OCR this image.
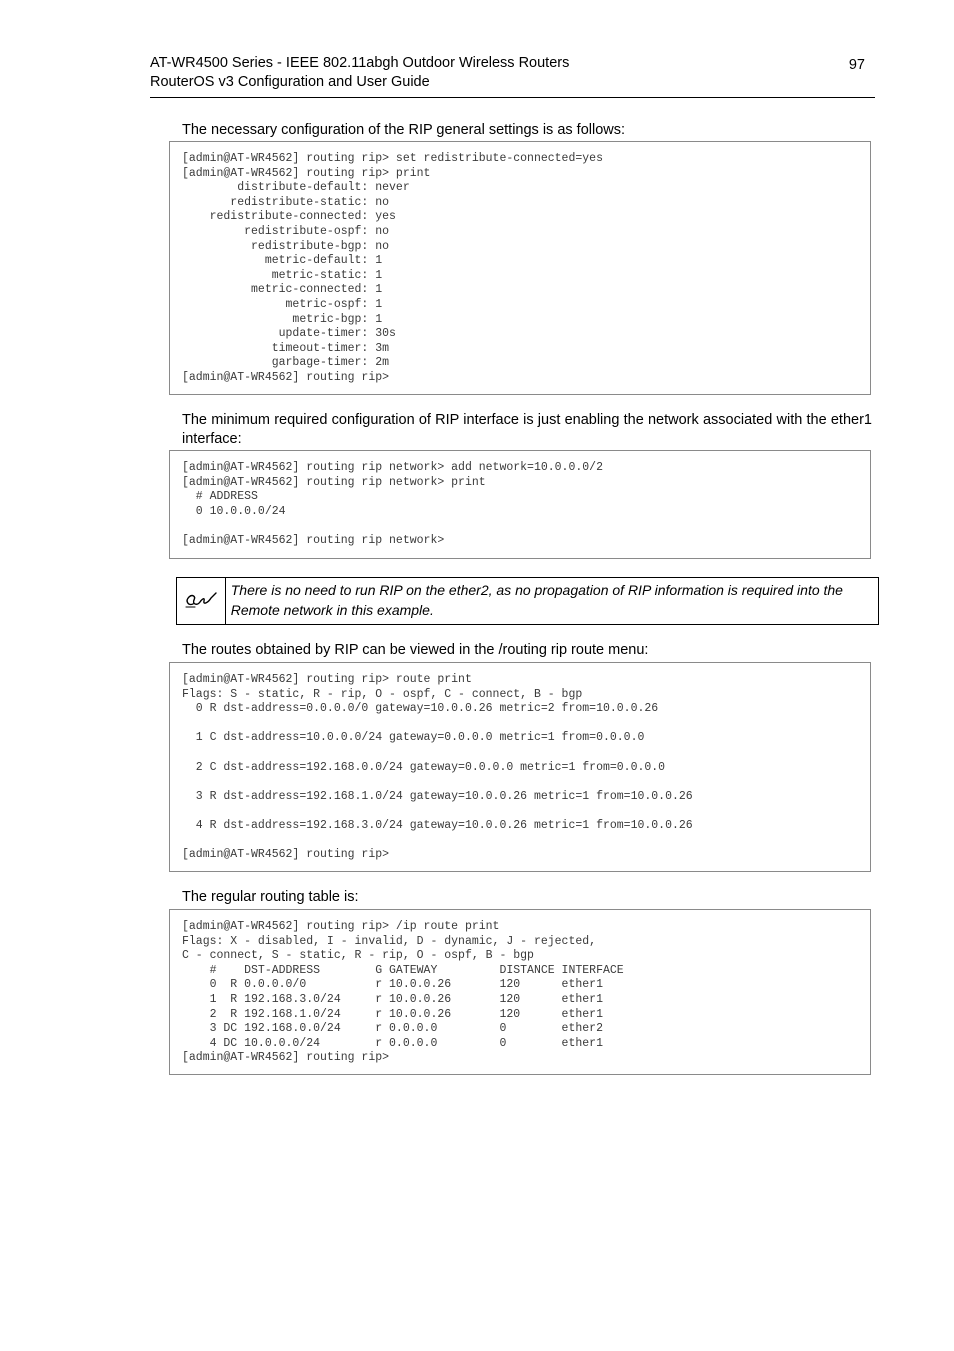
AT-WR4500 Series - IEEE 802.11abgh Outdoor Wireless Routers
RouterOS v3 Configuration and User Guide
97
The necessary configuration of the RIP general settings is as follows:
[admin@AT-WR4562] routing rip> set redistribute-connected=yes
[admin@AT-WR4562] routing rip> print
distribute-default: never
redistribute-static: no
redistribute-connected: yes
redistribute-ospf: no
redistribute-bgp: no
metric-default: 1
metric-static: 1
metric-connected: 1
metric-ospf: 1
metric-bgp: 1
update-timer: 30s
timeout-timer: 3m
garbage-timer: 2m
[admin@AT-WR4562] routing rip>
The minimum required configuration of RIP interface is just enabling the network associated with the ether1 interface:
[admin@AT-WR4562] routing rip network> add network=10.0.0.0/2
[admin@AT-WR4562] routing rip network> print
# ADDRESS
0 10.0.0.0/24

[admin@AT-WR4562] routing rip network>
There is no need to run RIP on the ether2, as no propagation of RIP information is required into the Remote network in this example.
The routes obtained by RIP can be viewed in the /routing rip route menu:
[admin@AT-WR4562] routing rip> route print
Flags: S - static, R - rip, O - ospf, C - connect, B - bgp
0 R dst-address=0.0.0.0/0 gateway=10.0.0.26 metric=2 from=10.0.0.26

1 C dst-address=10.0.0.0/24 gateway=0.0.0.0 metric=1 from=0.0.0.0

2 C dst-address=192.168.0.0/24 gateway=0.0.0.0 metric=1 from=0.0.0.0

3 R dst-address=192.168.1.0/24 gateway=10.0.0.26 metric=1 from=10.0.0.26

4 R dst-address=192.168.3.0/24 gateway=10.0.0.26 metric=1 from=10.0.0.26

[admin@AT-WR4562] routing rip>
The regular routing table is:
[admin@AT-WR4562] routing rip> /ip route print
Flags: X - disabled, I - invalid, D - dynamic, J - rejected,
C - connect, S - static, R - rip, O - ospf, B - bgp
#    DST-ADDRESS        G GATEWAY         DISTANCE INTERFACE
0  R 0.0.0.0/0          r 10.0.0.26       120      ether1
1  R 192.168.3.0/24     r 10.0.0.26       120      ether1
2  R 192.168.1.0/24     r 10.0.0.26       120      ether1
3 DC 192.168.0.0/24     r 0.0.0.0         0        ether2
4 DC 10.0.0.0/24        r 0.0.0.0         0        ether1
[admin@AT-WR4562] routing rip>
